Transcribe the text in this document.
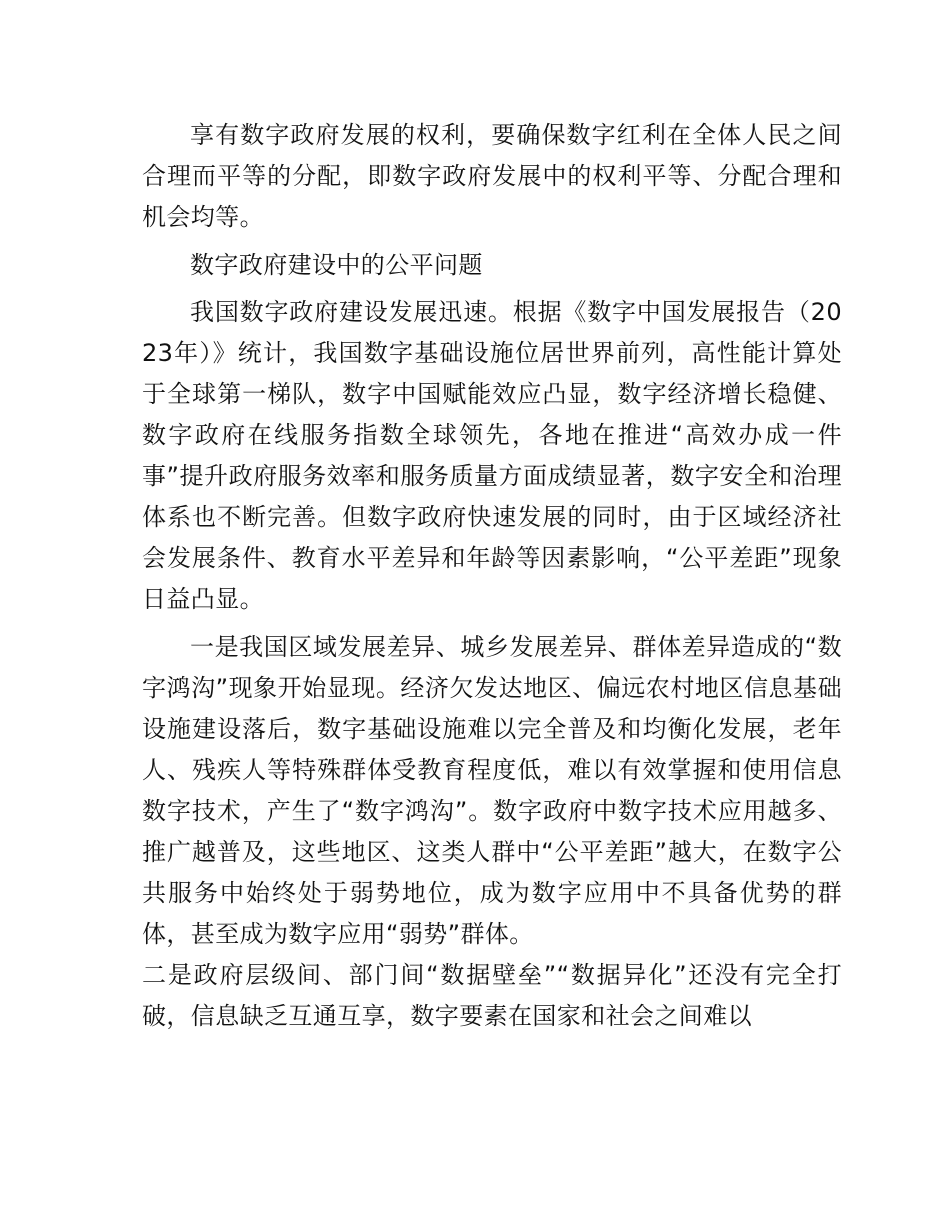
享有数字政府发展的权利，要确保数字红利在全体人民之间合理而平等的分配，即数字政府发展中的权利平等、分配合理和机会均等。

数字政府建设中的公平问题

我国数字政府建设发展迅速。根据《数字中国发展报告（2023年）》统计，我国数字基础设施位居世界前列，高性能计算处于全球第一梯队，数字中国赋能效应凸显，数字经济增长稳健、数字政府在线服务指数全球领先，各地在推进“高效办成一件事”提升政府服务效率和服务质量方面成绩显著，数字安全和治理体系也不断完善。但数字政府快速发展的同时，由于区域经济社会发展条件、教育水平差异和年龄等因素影响，“公平差距”现象日益凸显。

一是我国区域发展差异、城乡发展差异、群体差异造成的“数字鸿沟”现象开始显现。经济欠发达地区、偏远农村地区信息基础设施建设落后，数字基础设施难以完全普及和均衡化发展，老年人、残疾人等特殊群体受教育程度低，难以有效掌握和使用信息数字技术，产生了“数字鸿沟”。数字政府中数字技术应用越多、推广越普及，这些地区、这类人群中“公平差距”越大，在数字公共服务中始终处于弱势地位，成为数字应用中不具备优势的群体，甚至成为数字应用“弱势”群体。

二是政府层级间、部门间“数据壁垒”“数据异化”还没有完全打破，信息缺乏互通互享，数字要素在国家和社会之间难以
